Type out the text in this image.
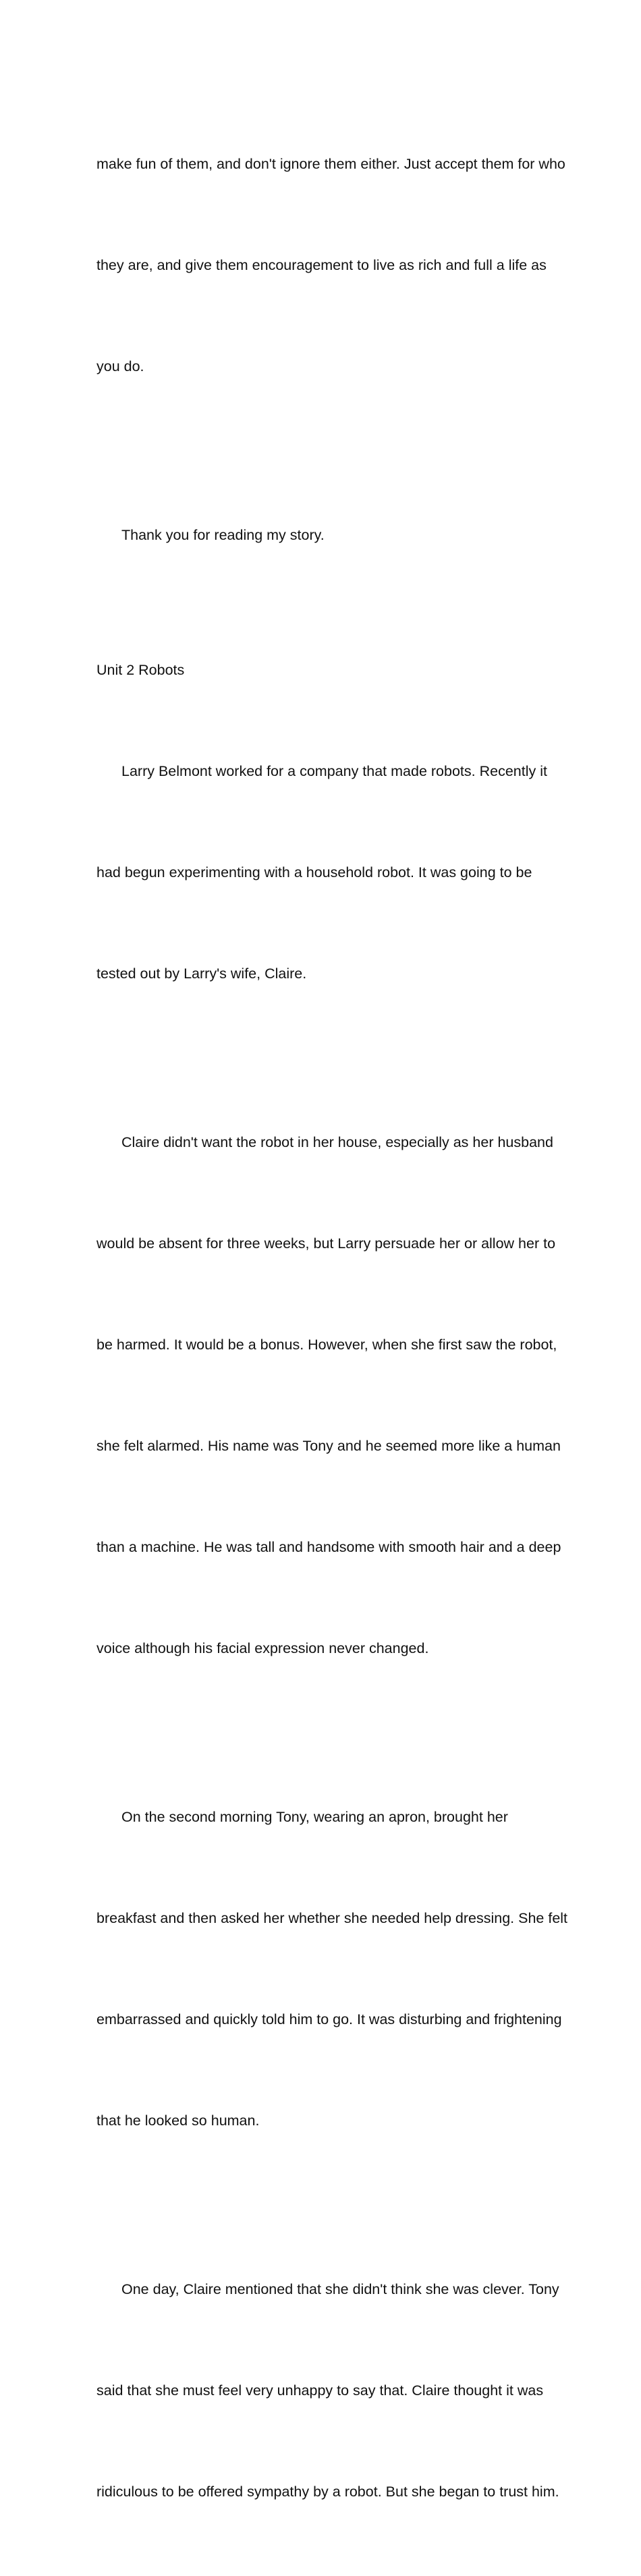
make fun of them, and don't ignore them either. Just accept them for who

they are, and give them encouragement to live as rich and full a life as

you do.

Thank you for reading my story.

Unit 2 Robots

Larry Belmont worked for a company that made robots. Recently it

had begun experimenting with a household robot. It was going to be

tested out by Larry's wife, Claire.

Claire didn't want the robot in her house, especially as her husband

would be absent for three weeks, but Larry persuade her or allow her to

be harmed. It would be a bonus. However, when she first saw the robot,

she felt alarmed. His name was Tony and he seemed more like a human

than a machine. He was tall and handsome with smooth hair and a deep

voice although his facial expression never changed.

On the second morning Tony, wearing an apron, brought her

breakfast and then asked her whether she needed help dressing. She felt

embarrassed and quickly told him to go. It was disturbing and frightening

that he looked so human.

One day, Claire mentioned that she didn't think she was clever. Tony

said that she must feel very unhappy to say that. Claire thought it was

ridiculous to be offered sympathy by a robot. But she began to trust him.
